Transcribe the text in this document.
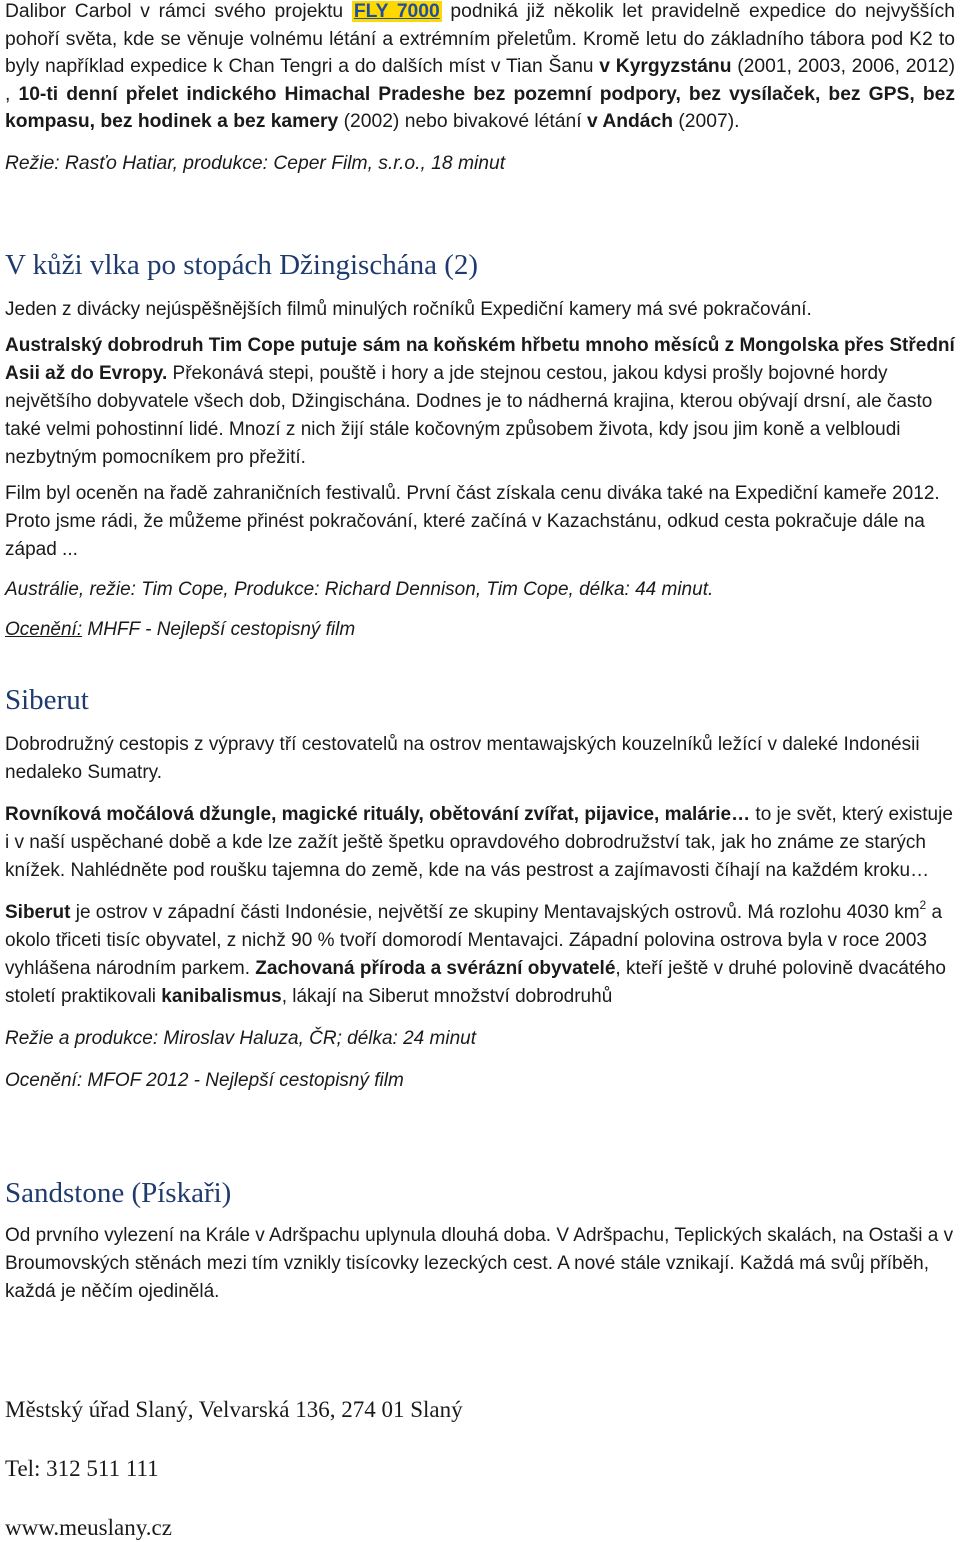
Dalibor Carbol v rámci svého projektu FLY 7000 podniká již několik let pravidelně expedice do nejvyšších pohoří světa, kde se věnuje volnému létání a extrémním přeletům. Kromě letu do základního tábora pod K2 to byly například expedice k Chan Tengri a do dalších míst v Tian Šanu v Kyrgyzstánu (2001, 2003, 2006, 2012) , 10-ti denní přelet indického Himachal Pradeshe bez pozemní podpory, bez vysílaček, bez GPS, bez kompasu, bez hodinek a bez kamery (2002) nebo bivakové létání v Andách (2007).

Režie: Rasťo Hatiar, produkce: Ceper Film, s.r.o., 18 minut

V kůži vlka po stopách Džingischána (2)

Jeden z divácky nejúspěšnějších filmů minulých ročníků Expediční kamery má své pokračování.

Australský dobrodruh Tim Cope putuje sám na koňském hřbetu mnoho měsíců z Mongolska přes Střední Asii až do Evropy. Překonává stepi, pouště i hory a jde stejnou cestou, jakou kdysi prošly bojovné hordy největšího dobyvatele všech dob, Džingischána. Dodnes je to nádherná krajina, kterou obývají drsní, ale často také velmi pohostinní lidé. Mnozí z nich žijí stále kočovným způsobem života, kdy jsou jim koně a velbloudi nezbytným pomocníkem pro přežití.

Film byl oceněn na řadě zahraničních festivalů. První část získala cenu diváka také na Expediční kameře 2012. Proto jsme rádi, že můžeme přinést pokračování, které začíná v Kazachstánu, odkud cesta pokračuje dále na západ ...

Austrálie, režie: Tim Cope, Produkce: Richard Dennison, Tim Cope, délka: 44 minut.

Ocenění: MHFF - Nejlepší cestopisný film

Siberut

Dobrodružný cestopis z výpravy tří cestovatelů na ostrov mentawajských kouzelníků ležící v daleké Indonésii nedaleko Sumatry.

Rovníková močálová džungle, magické rituály, obětování zvířat, pijavice, malárie… to je svět, který existuje i v naší uspěchané době a kde lze zažít ještě špetku opravdového dobrodružství tak, jak ho známe ze starých knížek. Nahlédněte pod roušku tajemna do země, kde na vás pestrost a zajímavosti číhají na každém kroku…

Siberut je ostrov v západní části Indonésie, největší ze skupiny Mentavajských ostrovů. Má rozlohu 4030 $km^2$ a okolo třiceti tisíc obyvatel, z nichž 90 % tvoří domorodí Mentavajci. Západní polovina ostrova byla v roce 2003 vyhlášena národním parkem. Zachovaná příroda a svérázní obyvatelé, kteří ještě v druhé polovině dvacátého století praktikovali kanibalismus, lákají na Siberut množství dobrodruhů

Režie a produkce: Miroslav Haluza, ČR; délka: 24 minut

Ocenění: MFOF 2012 - Nejlepší cestopisný film

Sandstone (Pískaři)

Od prvního vylezení na Krále v Adršpachu uplynula dlouhá doba. V Adršpachu, Teplických skalách, na Ostaši a v Broumovských stěnách mezi tím vznikly tisícovky lezeckých cest. A nové stále vznikají. Každá má svůj příběh, každá je něčím ojedinělá.

Městský úřad Slaný, Velvarská 136, 274 01 Slaný
Tel: 312 511 111
www.meuslany.cz
